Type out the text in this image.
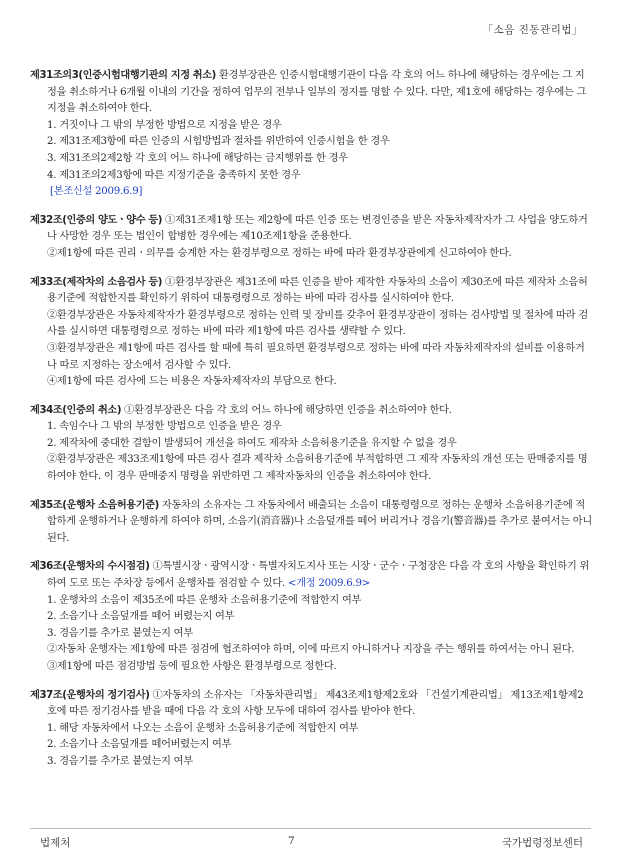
「소음 진동관리법」

제31조의3(인증시험대행기관의 지정 취소) 환경부장관은 인증시험대행기관이 다음 각 호의 어느 하나에 해당하는 경우에는 그 지정을 취소하거나 6개월 이내의 기간을 정하여 업무의 전부나 일부의 정지를 명할 수 있다. 다만, 제1호에 해당하는 경우에는 그 지정을 취소하여야 한다.

1. 거짓이나 그 밖의 부정한 방법으로 지정을 받은 경우

2. 제31조제3항에 따른 인증의 시험방법과 절차를 위반하여 인증시험을 한 경우

3. 제31조의2제2항 각 호의 어느 하나에 해당하는 금지행위를 한 경우

4. 제31조의2제3항에 따른 지정기준을 충족하지 못한 경우

[본조신설 2009.6.9]

제32조(인증의 양도ㆍ양수 등) ①제31조제1항 또는 제2항에 따른 인증 또는 변경인증을 받은 자동차제작자가 그 사업을 양도하거나 사망한 경우 또는 법인이 합병한 경우에는 제10조제1항을 준용한다.

②제1항에 따른 권리ㆍ의무를 승계한 자는 환경부령으로 정하는 바에 따라 환경부장관에게 신고하여야 한다.

제33조(제작차의 소음검사 등) ①환경부장관은 제31조에 따른 인증을 받아 제작한 자동차의 소음이 제30조에 따른 제작차 소음허용기준에 적합한지를 확인하기 위하여 대통령령으로 정하는 바에 따라 검사를 실시하여야 한다.

②환경부장관은 자동차제작자가 환경부령으로 정하는 인력 및 장비를 갖추어 환경부장관이 정하는 검사방법 및 절차에 따라 검사를 실시하면 대통령령으로 정하는 바에 따라 제1항에 따른 검사를 생략할 수 있다.

③환경부장관은 제1항에 따른 검사를 할 때에 특히 필요하면 환경부령으로 정하는 바에 따라 자동차제작자의 설비를 이용하거나 따로 지정하는 장소에서 검사할 수 있다.

④제1항에 따른 검사에 드는 비용은 자동차제작자의 부담으로 한다.

제34조(인증의 취소) ①환경부장관은 다음 각 호의 어느 하나에 해당하면 인증을 취소하여야 한다.

1. 속임수나 그 밖의 부정한 방법으로 인증을 받은 경우

2. 제작차에 중대한 결함이 발생되어 개선을 하여도 제작차 소음허용기준을 유지할 수 없을 경우

②환경부장관은 제33조제1항에 따른 검사 결과 제작차 소음허용기준에 부적합하면 그 제작 자동차의 개선 또는 판매중지를 명하여야 한다. 이 경우 판매중지 명령을 위반하면 그 제작자동차의 인증을 취소하여야 한다.

제35조(운행차 소음허용기준) 자동차의 소유자는 그 자동차에서 배출되는 소음이 대통령령으로 정하는 운행차 소음허용기준에 적합하게 운행하거나 운행하게 하여야 하며, 소음기(消音器)나 소음덮개를 떼어 버리거나 경음기(警音器)를 추가로 붙여서는 아니 된다.

제36조(운행차의 수시점검) ①특별시장ㆍ광역시장ㆍ특별자치도지사 또는 시장ㆍ군수ㆍ구청장은 다음 각 호의 사항을 확인하기 위하여 도로 또는 주차장 등에서 운행차를 점검할 수 있다. <개정 2009.6.9>

1. 운행차의 소음이 제35조에 따른 운행차 소음허용기준에 적합한지 여부

2. 소음기나 소음덮개를 떼어 버렸는지 여부

3. 경음기를 추가로 붙였는지 여부

②자동차 운행자는 제1항에 따른 점검에 협조하여야 하며, 이에 따르지 아니하거나 지장을 주는 행위를 하여서는 아니 된다.

③제1항에 따른 점검방법 등에 필요한 사항은 환경부령으로 정한다.

제37조(운행차의 정기검사) ①자동차의 소유자는 「자동차관리법」 제43조제1항제2호와 「건설기계관리법」 제13조제1항제2호에 따른 정기검사를 받을 때에 다음 각 호의 사항 모두에 대하여 검사를 받아야 한다.

1. 해당 자동차에서 나오는 소음이 운행차 소음허용기준에 적합한지 여부

2. 소음기나 소음덮개를 떼어버렸는지 여부

3. 경음기를 추가로 붙였는지 여부

법제처	7	국가법령정보센터
